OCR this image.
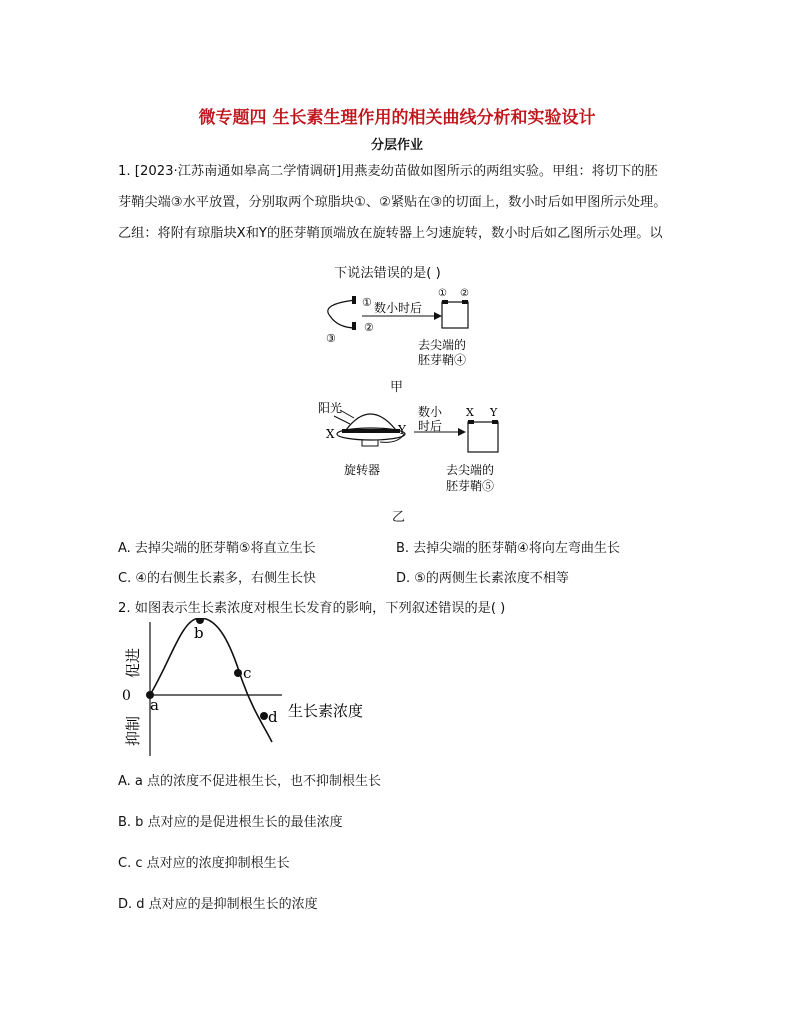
微专题四 生长素生理作用的相关曲线分析和实验设计
分层作业
1. [2023·江苏南通如皋高二学情调研]用燕麦幼苗做如图所示的两组实验。甲组：将切下的胚
芽鞘尖端③水平放置，分别取两个琼脂块①、②紧贴在③的切面上，数小时后如甲图所示处理。
乙组：将附有琼脂块X和Y的胚芽鞘顶端放在旋转器上匀速旋转，数小时后如乙图所示处理。以
下说法错误的是( )
①
②
③
数小时后
① ②
去尖端的
胚芽鞘④
甲
阳光
X	Y
旋转器
数小
时后
X Y
去尖端的
胚芽鞘⑤
乙
A. 去掉尖端的胚芽鞘⑤将直立生长	B. 去掉尖端的胚芽鞘④将向左弯曲生长
C. ④的右侧生长素多，右侧生长快	D. ⑤的两侧生长素浓度不相等
2. 如图表示生长素浓度对根生长发育的影响，下列叙述错误的是( )
a
b
c
d
0
生长素浓度
促进
抑制
A. a 点的浓度不促进根生长，也不抑制根生长
B. b 点对应的是促进根生长的最佳浓度
C. c 点对应的浓度抑制根生长
D. d 点对应的是抑制根生长的浓度
